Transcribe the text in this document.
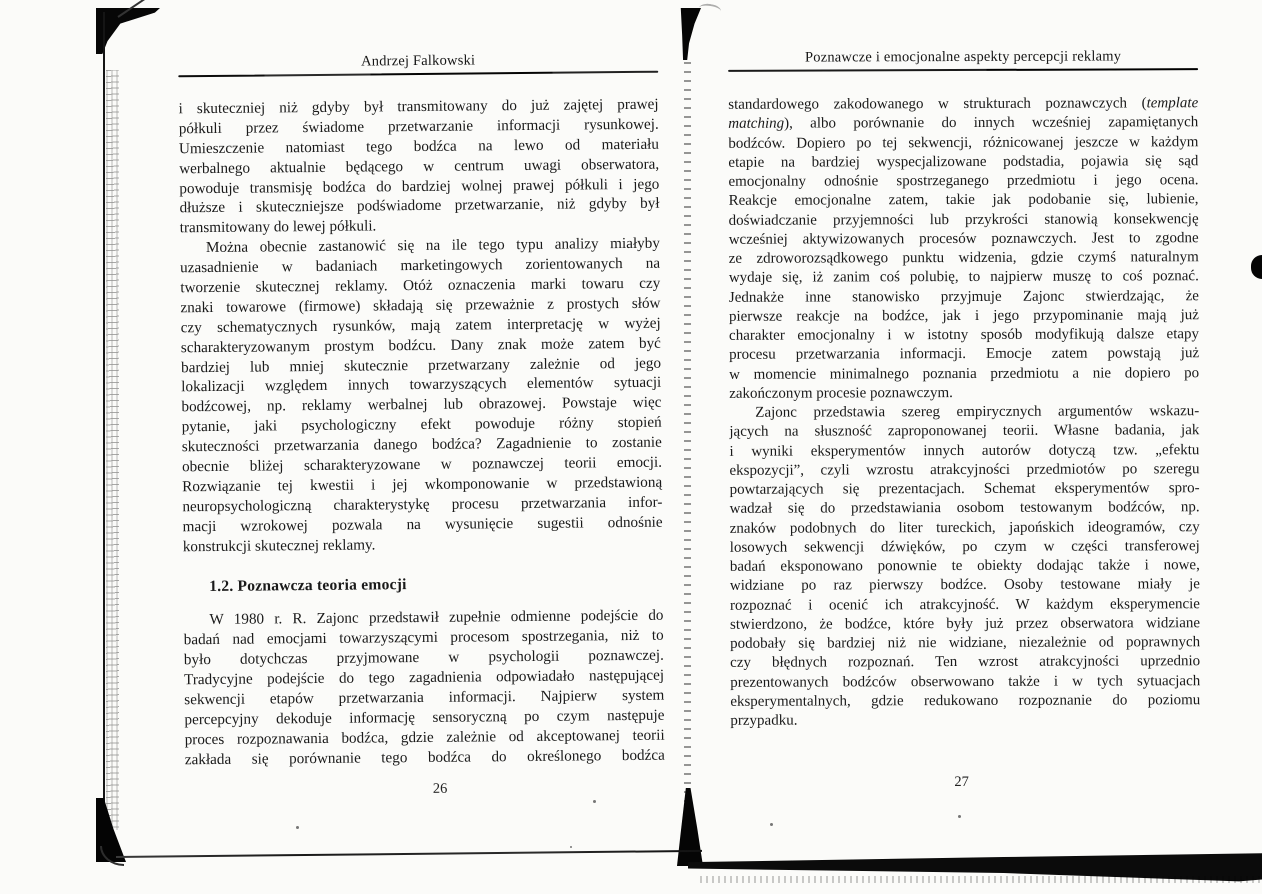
Andrzej Falkowski
i skuteczniej niż gdyby był transmitowany do już zajętej prawej
półkuli przez świadome przetwarzanie informacji rysunkowej.
Umieszczenie natomiast tego bodźca na lewo od materiału
werbalnego aktualnie będącego w centrum uwagi obserwatora,
powoduje transmisję bodźca do bardziej wolnej prawej półkuli i jego
dłuższe i skuteczniejsze podświadome przetwarzanie, niż gdyby był
transmitowany do lewej półkuli.
Można obecnie zastanowić się na ile tego typu analizy miałyby
uzasadnienie w badaniach marketingowych zorientowanych na
tworzenie skutecznej reklamy. Otóż oznaczenia marki towaru czy
znaki towarowe (firmowe) składają się przeważnie z prostych słów
czy schematycznych rysunków, mają zatem interpretację w wyżej
scharakteryzowanym prostym bodźcu. Dany znak może zatem być
bardziej lub mniej skutecznie przetwarzany zależnie od jego
lokalizacji względem innych towarzyszących elementów sytuacji
bodźcowej, np. reklamy werbalnej lub obrazowej. Powstaje więc
pytanie, jaki psychologiczny efekt powoduje różny stopień
skuteczności przetwarzania danego bodźca? Zagadnienie to zostanie
obecnie bliżej scharakteryzowane w poznawczej teorii emocji.
Rozwiązanie tej kwestii i jej wkomponowanie w przedstawioną
neuropsychologiczną charakterystykę procesu przetwarzania infor-
macji wzrokowej pozwala na wysunięcie sugestii odnośnie
konstrukcji skutecznej reklamy.
1.2. Poznawcza teoria emocji
W 1980 r. R. Zajonc przedstawił zupełnie odmienne podejście do
badań nad emocjami towarzyszącymi procesom spostrzegania, niż to
było dotychczas przyjmowane w psychologii poznawczej.
Tradycyjne podejście do tego zagadnienia odpowiadało następującej
sekwencji etapów przetwarzania informacji. Najpierw system
percepcyjny dekoduje informację sensoryczną po czym następuje
proces rozpoznawania bodźca, gdzie zależnie od akceptowanej teorii
zakłada się porównanie tego bodźca do określonego bodźca
26
Poznawcze i emocjonalne aspekty percepcji reklamy
standardowego zakodowanego w strukturach poznawczych (template
matching), albo porównanie do innych wcześniej zapamiętanych
bodźców. Dopiero po tej sekwencji, różnicowanej jeszcze w każdym
etapie na bardziej wyspecjalizowane podstadia, pojawia się sąd
emocjonalny odnośnie spostrzeganego przedmiotu i jego ocena.
Reakcje emocjonalne zatem, takie jak podobanie się, lubienie,
doświadczanie przyjemności lub przykrości stanowią konsekwencję
wcześniej aktywizowanych procesów poznawczych. Jest to zgodne
ze zdroworozsądkowego punktu widzenia, gdzie czymś naturalnym
wydaje się, iż zanim coś polubię, to najpierw muszę to coś poznać.
Jednakże inne stanowisko przyjmuje Zajonc stwierdzając, że
pierwsze reakcje na bodźce, jak i jego przypominanie mają już
charakter emocjonalny i w istotny sposób modyfikują dalsze etapy
procesu przetwarzania informacji. Emocje zatem powstają już
w momencie minimalnego poznania przedmiotu a nie dopiero po
zakończonym procesie poznawczym.
Zajonc przedstawia szereg empirycznych argumentów wskazu-
jących na słuszność zaproponowanej teorii. Własne badania, jak
i wyniki eksperymentów innych autorów dotyczą tzw. „efektu
ekspozycji”, czyli wzrostu atrakcyjności przedmiotów po szeregu
powtarzających się prezentacjach. Schemat eksperymentów spro-
wadzał się do przedstawiania osobom testowanym bodźców, np.
znaków podobnych do liter tureckich, japońskich ideogramów, czy
losowych sekwencji dźwięków, po czym w części transferowej
badań eksponowano ponownie te obiekty dodając także i nowe,
widziane po raz pierwszy bodźce. Osoby testowane miały je
rozpoznać i ocenić ich atrakcyjność. W każdym eksperymencie
stwierdzono, że bodźce, które były już przez obserwatora widziane
podobały się bardziej niż nie widziane, niezależnie od poprawnych
czy błędnych rozpoznań. Ten wzrost atrakcyjności uprzednio
prezentowanych bodźców obserwowano także i w tych sytuacjach
eksperymentalnych, gdzie redukowano rozpoznanie do poziomu
przypadku.
27
